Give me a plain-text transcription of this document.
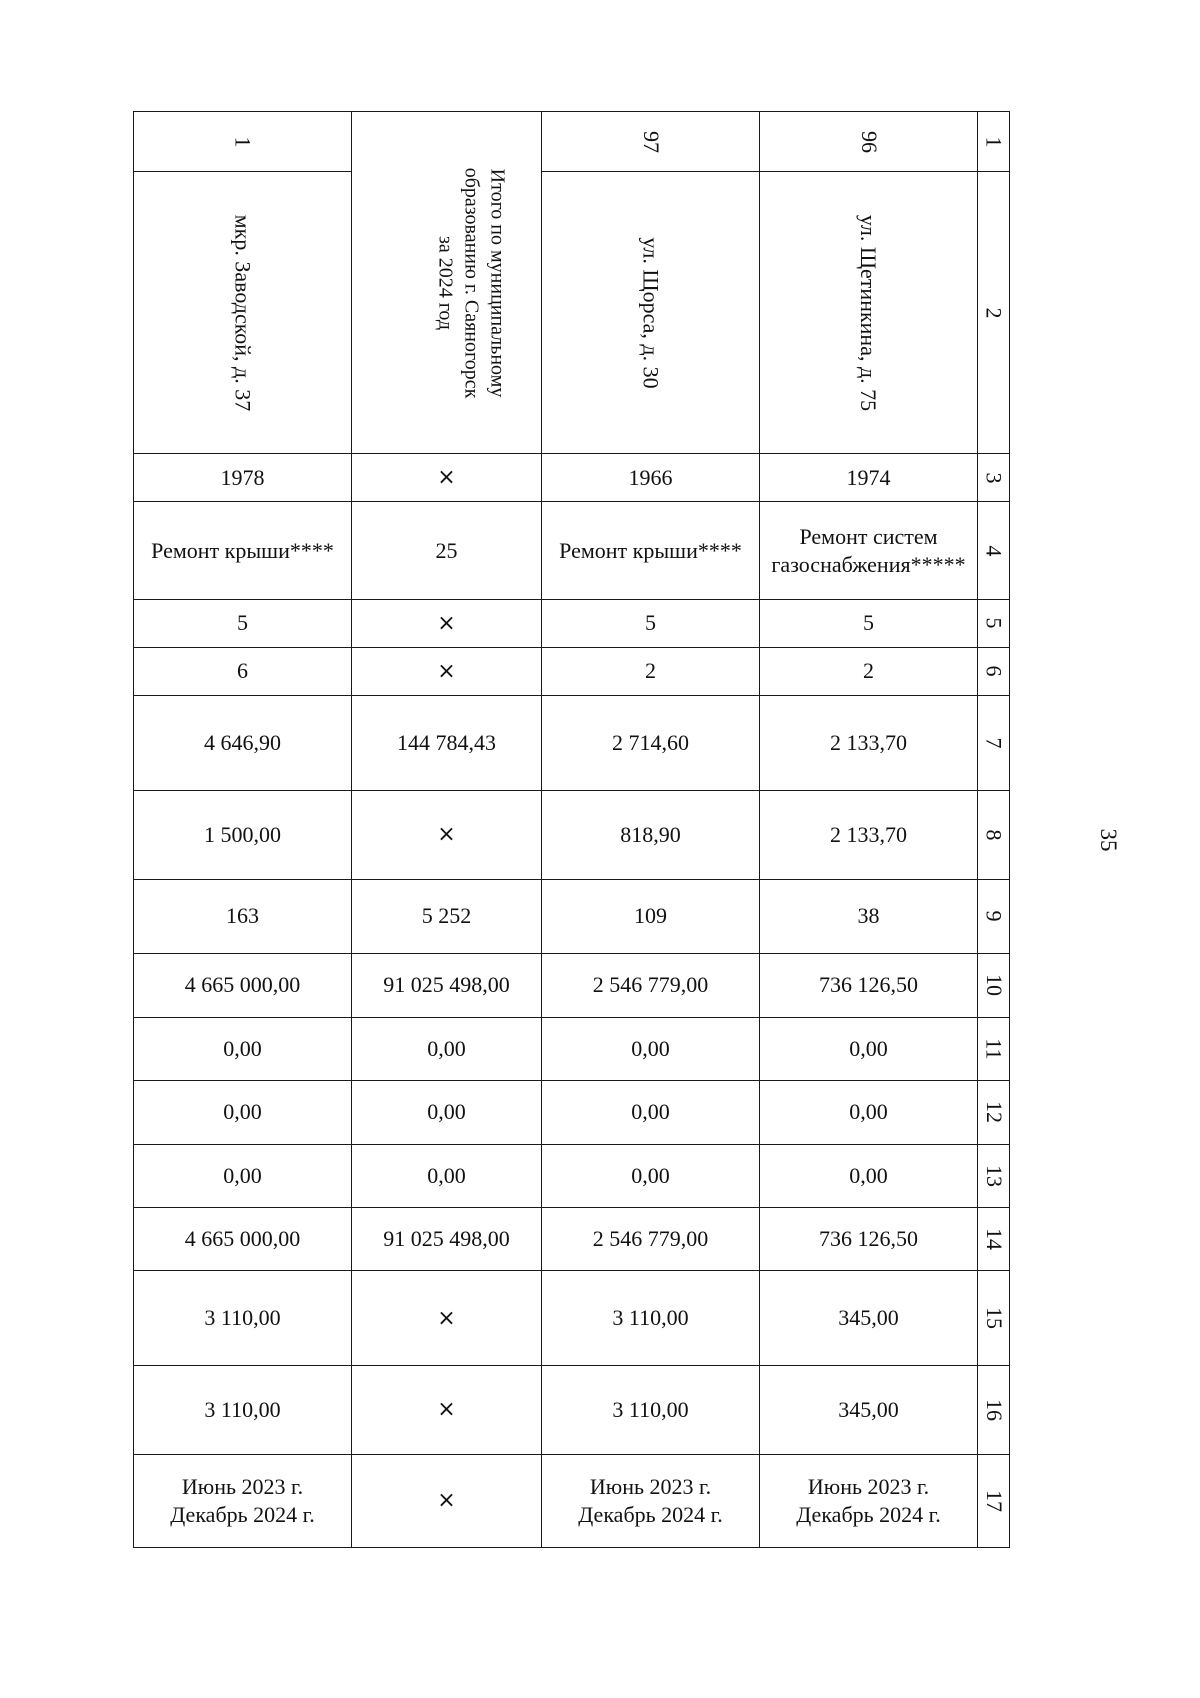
35
1	Итого по муниципальному
образованию г. Саяногорск
за 2024 год	97	96	1
мкр. Заводской, д. 37		ул. Щорса, д. 30	ул. Щетинкина, д. 75	2
1978	×	1966	1974	3
Ремонт крыши****	25	Ремонт крыши****	Ремонт систем
газоснабжения*****	4
5	×	5	5	5
6	×	2	2	6
4 646,90	144 784,43	2 714,60	2 133,70	7
1 500,00	×	818,90	2 133,70	8
163	5 252	109	38	9
4 665 000,00	91 025 498,00	2 546 779,00	736 126,50	10
0,00	0,00	0,00	0,00	11
0,00	0,00	0,00	0,00	12
0,00	0,00	0,00	0,00	13
4 665 000,00	91 025 498,00	2 546 779,00	736 126,50	14
3 110,00	×	3 110,00	345,00	15
3 110,00	×	3 110,00	345,00	16

Июнь 2023 г.
Декабрь 2024 г.	×	Июнь 2023 г.
Декабрь 2024 г.	Июнь 2023 г.
Декабрь 2024 г.	17
